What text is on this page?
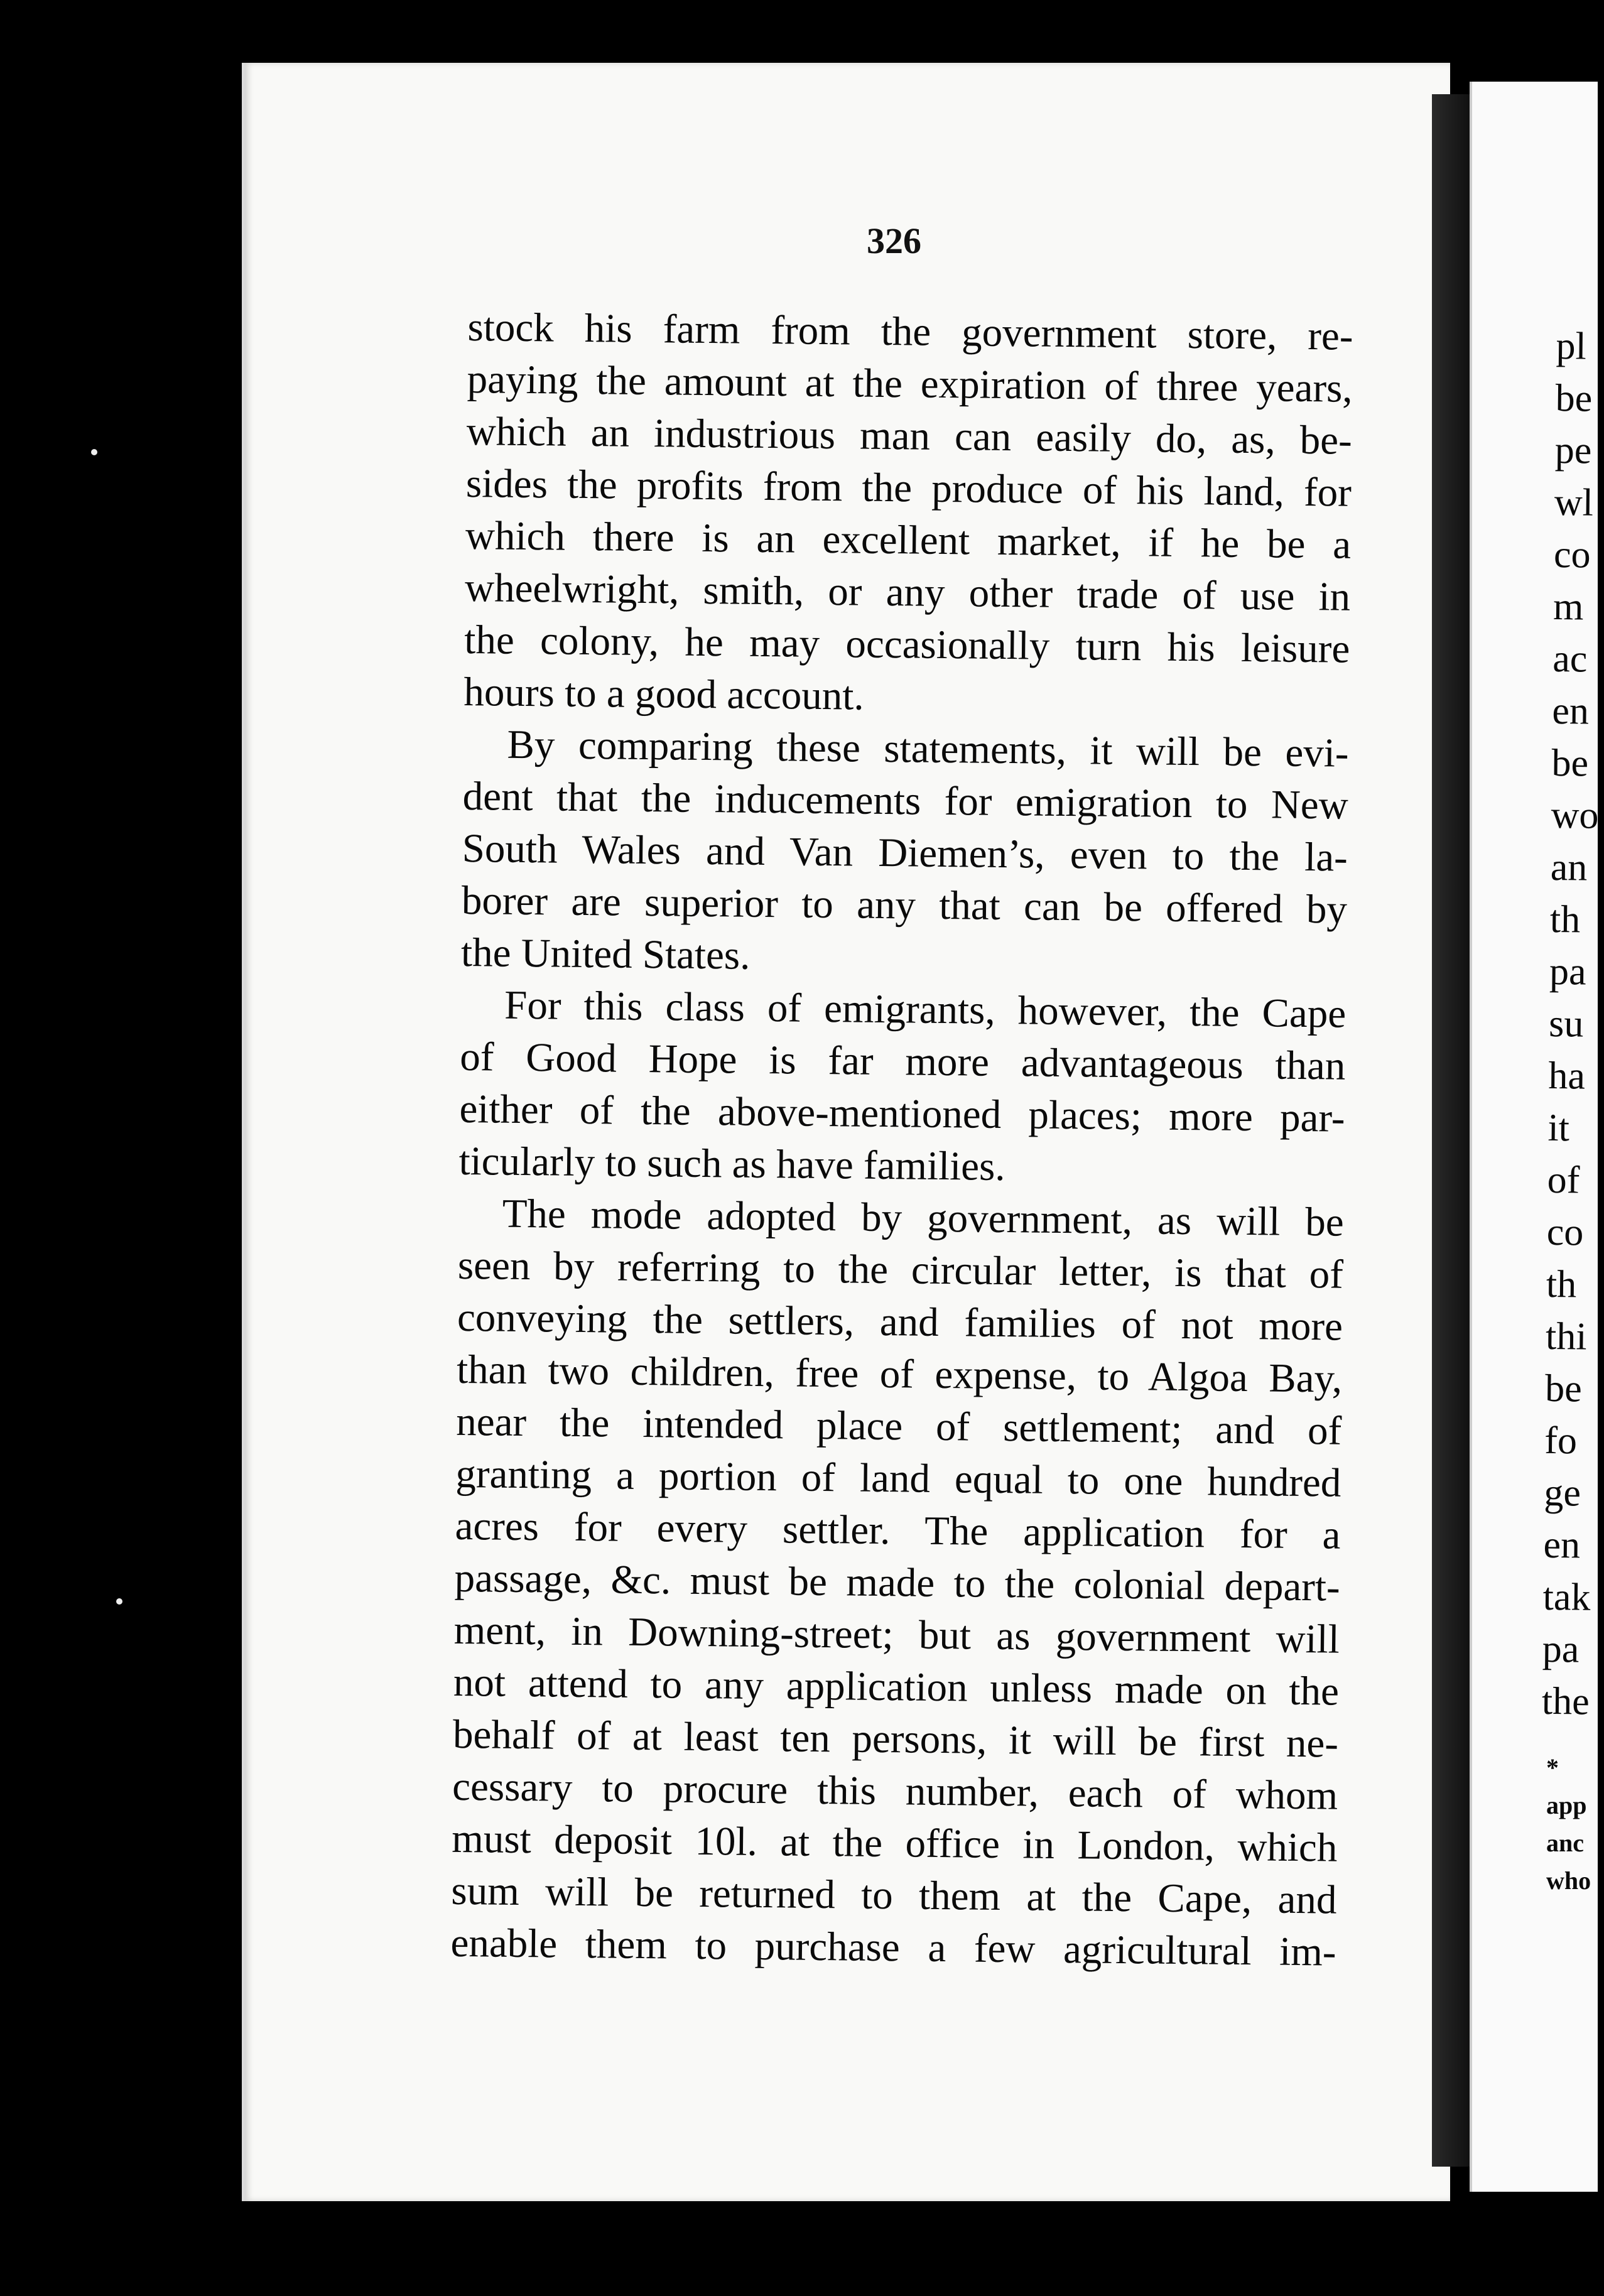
326
stock his farm from the government store, re-
paying the amount at the expiration of three years,
which an industrious man can easily do, as, be-
sides the profits from the produce of his land, for
which there is an excellent market, if he be a
wheelwright, smith, or any other trade of use in
the colony, he may occasionally turn his leisure
hours to a good account.
By comparing these statements, it will be evi-
dent that the inducements for emigration to New
South Wales and Van Diemen’s, even to the la-
borer are superior to any that can be offered by
the United States.
For this class of emigrants, however, the Cape
of Good Hope is far more advantageous than
either of the above-mentioned places; more par-
ticularly to such as have families.
The mode adopted by government, as will be
seen by referring to the circular letter, is that of
conveying the settlers, and families of not more
than two children, free of expense, to Algoa Bay,
near the intended place of settlement; and of
granting a portion of land equal to one hundred
acres for every settler. The application for a
passage, &c. must be made to the colonial depart-
ment, in Downing-street; but as government will
not attend to any application unless made on the
behalf of at least ten persons, it will be first ne-
cessary to procure this number, each of whom
must deposit 10l. at the office in London, which
sum will be returned to them at the Cape, and
enable them to purchase a few agricultural im-
pl
be
pe
wl
co
m
ac
en
be
wo
an
th
pa
su
ha
it
of
co
th
thi
be
fo
ge
en
tak
pa
the
*
app
anc
who
